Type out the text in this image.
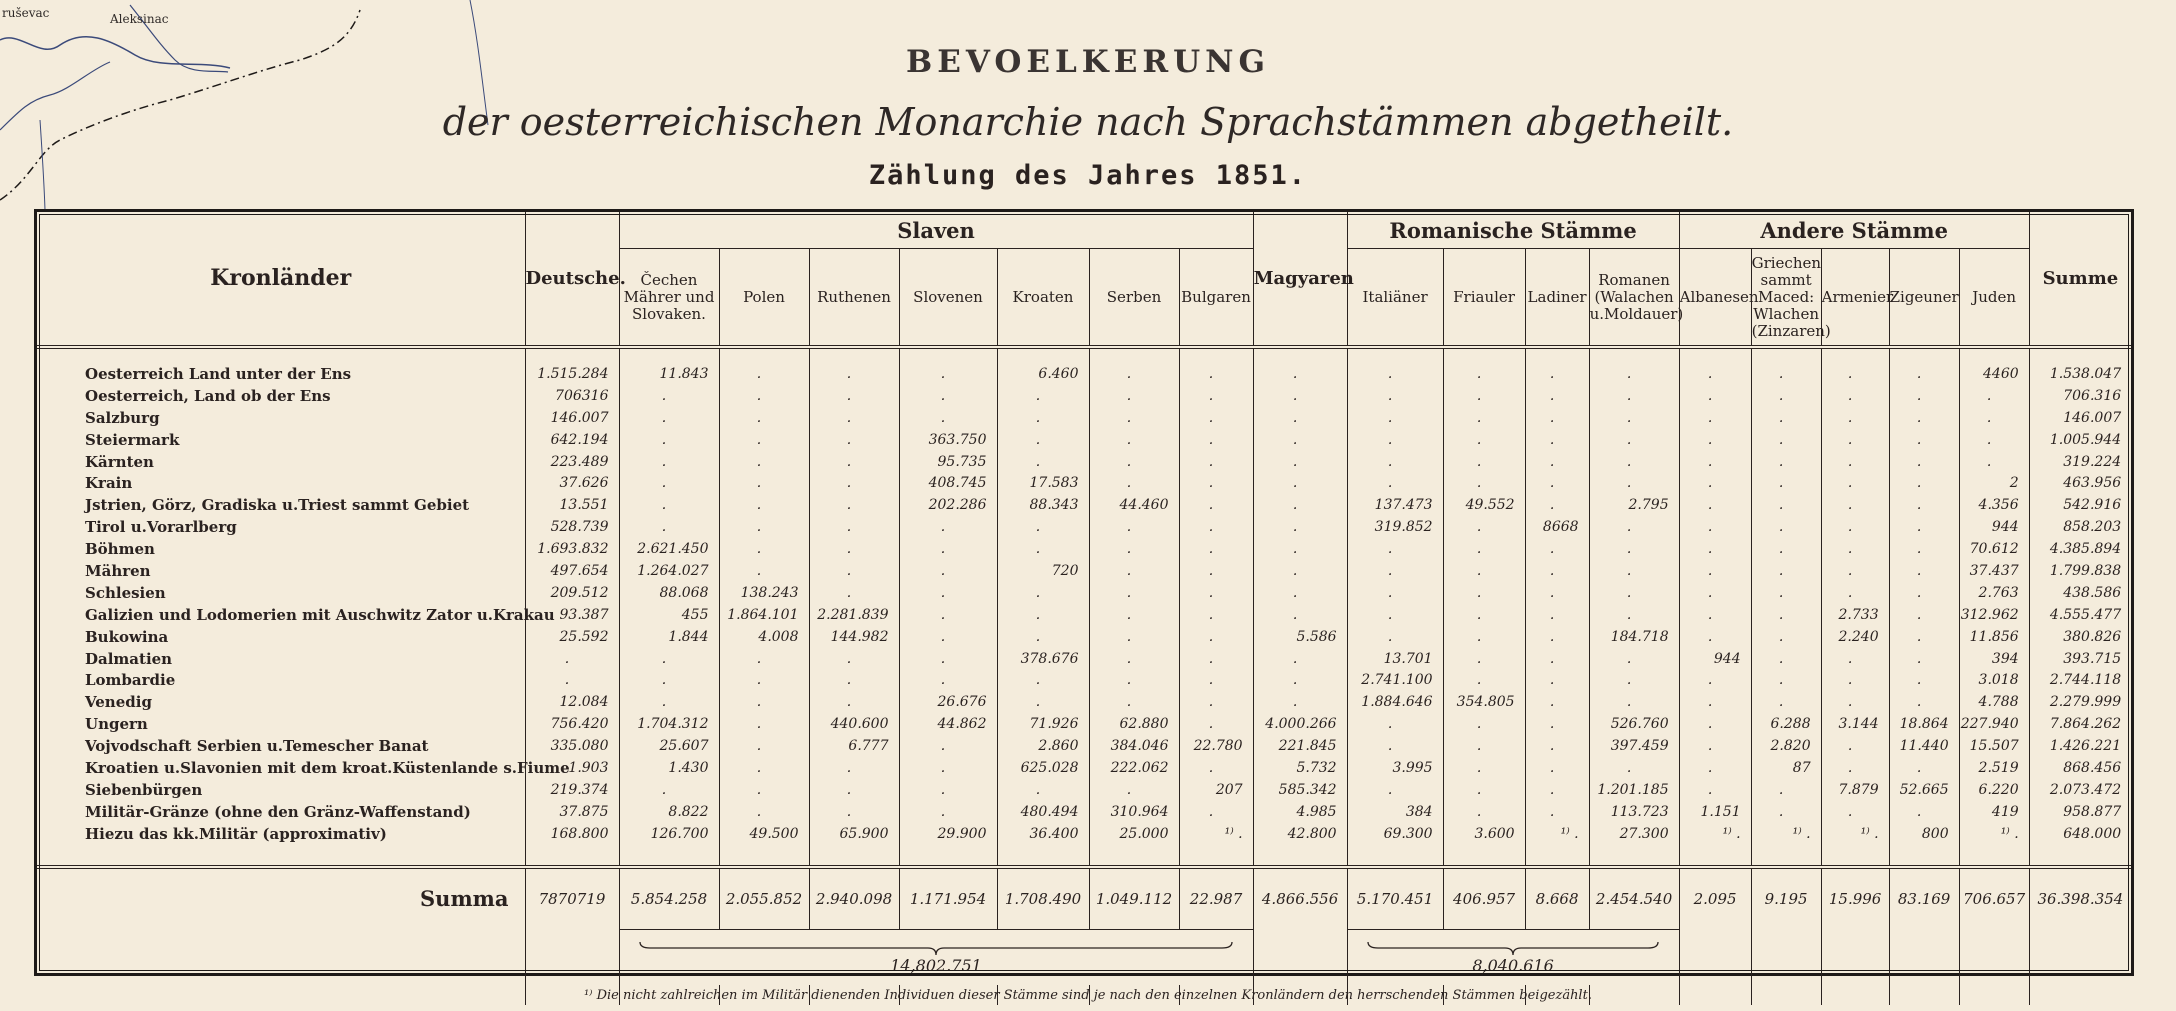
ruševac	Aleksinac
BEVOELKERUNG
der oesterreichischen Monarchie nach Sprachstämmen abgetheilt.
Zählung des Jahres 1851.
Kronländer	Deutsche.	Slaven							Magyaren	Romanische Stämme				Andere Stämme					Summe
		Čechen Mährer und Slovaken.	Polen	Ruthenen	Slovenen	Kroaten	Serben	Bulgaren		Italiäner	Friauler	Ladiner	Romanen (Walachen u.Moldauer)	Albanesen	Griechen sammt Maced: Wlachen (Zinzaren)	Armenier	Zigeuner	Juden	

Oesterreich Land unter der Ens	1.515.284	11.843	.	.	.	6.460	.	.	.	.	.	.	.	.	.	.	.	4460	1.538.047
Oesterreich, Land ob der Ens	706316	.	.	.	.	.	.	.	.	.	.	.	.	.	.	.	.	.	706.316
Salzburg	146.007	.	.	.	.	.	.	.	.	.	.	.	.	.	.	.	.	.	146.007
Steiermark	642.194	.	.	.	363.750	.	.	.	.	.	.	.	.	.	.	.	.	.	1.005.944
Kärnten	223.489	.	.	.	95.735	.	.	.	.	.	.	.	.	.	.	.	.	.	319.224
Krain	37.626	.	.	.	408.745	17.583	.	.	.	.	.	.	.	.	.	.	.	2	463.956
Jstrien, Görz, Gradiska u.Triest sammt Gebiet	13.551	.	.	.	202.286	88.343	44.460	.	.	137.473	49.552	.	2.795	.	.	.	.	4.356	542.916
Tirol u.Vorarlberg	528.739	.	.	.	.	.	.	.	.	319.852	.	8668	.	.	.	.	.	944	858.203
Böhmen	1.693.832	2.621.450	.	.	.	.	.	.	.	.	.	.	.	.	.	.	.	70.612	4.385.894
Mähren	497.654	1.264.027	.	.	.	720	.	.	.	.	.	.	.	.	.	.	.	37.437	1.799.838
Schlesien	209.512	88.068	138.243	.	.	.	.	.	.	.	.	.	.	.	.	.	.	2.763	438.586
Galizien und Lodomerien mit Auschwitz Zator u.Krakau	93.387	455	1.864.101	2.281.839	.	.	.	.	.	.	.	.	.	.	.	2.733	.	312.962	4.555.477
Bukowina	25.592	1.844	4.008	144.982	.	.	.	.	5.586	.	.	.	184.718	.	.	2.240	.	11.856	380.826
Dalmatien	.	.	.	.	.	378.676	.	.	.	13.701	.	.	.	944	.	.	.	394	393.715
Lombardie	.	.	.	.	.	.	.	.	.	2.741.100	.	.	.	.	.	.	.	3.018	2.744.118
Venedig	12.084	.	.	.	26.676	.	.	.	.	1.884.646	354.805	.	.	.	.	.	.	4.788	2.279.999
Ungern	756.420	1.704.312	.	440.600	44.862	71.926	62.880	.	4.000.266	.	.	.	526.760	.	6.288	3.144	18.864	227.940	7.864.262
Vojvodschaft Serbien u.Temescher Banat	335.080	25.607	.	6.777	.	2.860	384.046	22.780	221.845	.	.	.	397.459	.	2.820	.	11.440	15.507	1.426.221
Kroatien u.Slavonien mit dem kroat.Küstenlande s.Fiume	1.903	1.430	.	.	.	625.028	222.062	.	5.732	3.995	.	.	.	.	87	.	.	2.519	868.456
Siebenbürgen	219.374	.	.	.	.	.	.	207	585.342	.	.	.	1.201.185	.	.	7.879	52.665	6.220	2.073.472
Militär-Gränze (ohne den Gränz-Waffenstand)	37.875	8.822	.	.	.	480.494	310.964	.	4.985	384	.	.	113.723	1.151	.	.	.	419	958.877
Hiezu das kk.Militär (approximativ)	168.800	126.700	49.500	65.900	29.900	36.400	25.000	¹⁾ .	42.800	69.300	3.600	¹⁾ .	27.300	¹⁾ .	¹⁾ .	¹⁾ .	800	¹⁾ .	648.000

Summa	7870719	5.854.258	2.055.852	2.940.098	1.171.954	1.708.490	1.049.112	22.987	4.866.556	5.170.451	406.957	8.668	2.454.540	2.095	9.195	15.996	83.169	706.657	36.398.354

		14,802.751								8,040.616									

¹⁾ Die nicht zahlreichen im Militär dienenden Individuen dieser Stämme sind je nach den einzelnen Kronländern den herrschenden Stämmen beigezählt.
